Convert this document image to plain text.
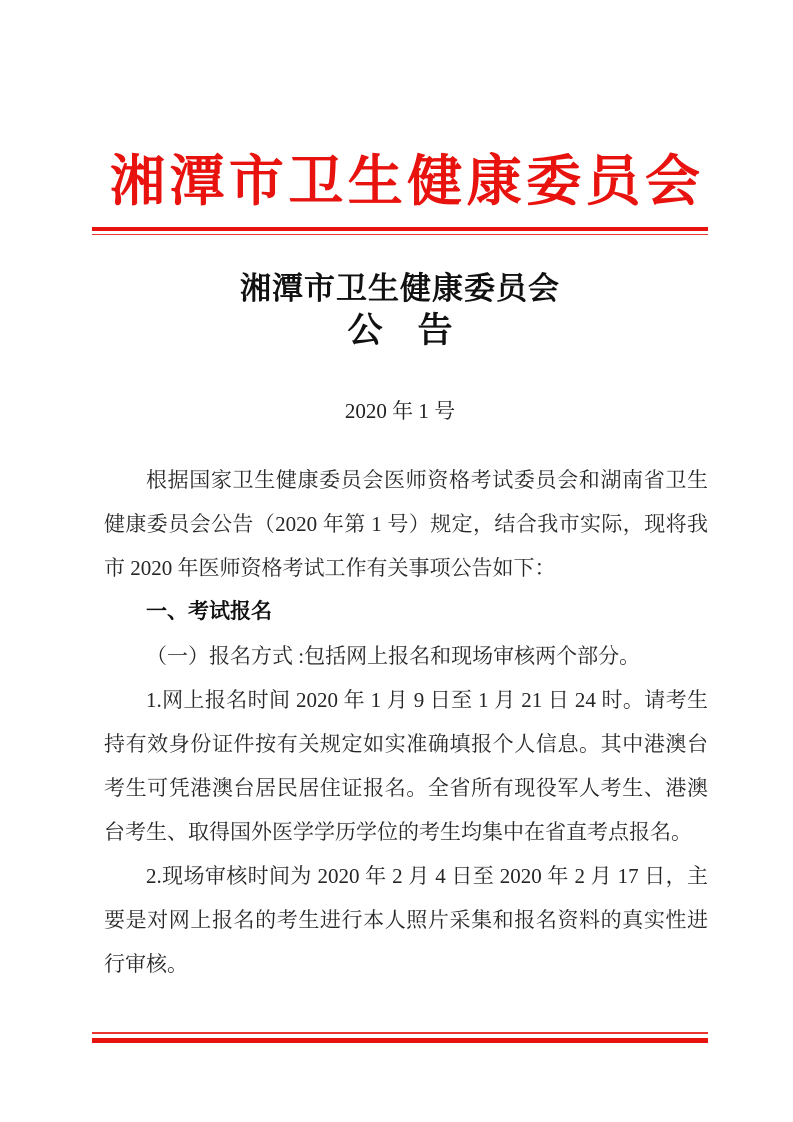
湘 潭 市 卫 生 健 康 委 员 会
湘潭市卫生健康委员会
公　告
2020 年 1 号

根据国家卫生健康委员会医师资格考试委员会和湖南省卫生健康委员会公告（2020 年第 1 号）规定，结合我市实际，现将我市 2020 年医师资格考试工作有关事项公告如下：

一、考试报名

（一）报名方式 :包括网上报名和现场审核两个部分。

1.网上报名时间 2020 年 1 月 9 日至 1 月 21 日 24 时。请考生持有效身份证件按有关规定如实准确填报个人信息。其中港澳台考生可凭港澳台居民居住证报名。全省所有现役军人考生、港澳台考生、取得国外医学学历学位的考生均集中在省直考点报名。

2.现场审核时间为 2020 年 2 月 4 日至 2020 年 2 月 17 日，主要是对网上报名的考生进行本人照片采集和报名资料的真实性进行审核。
